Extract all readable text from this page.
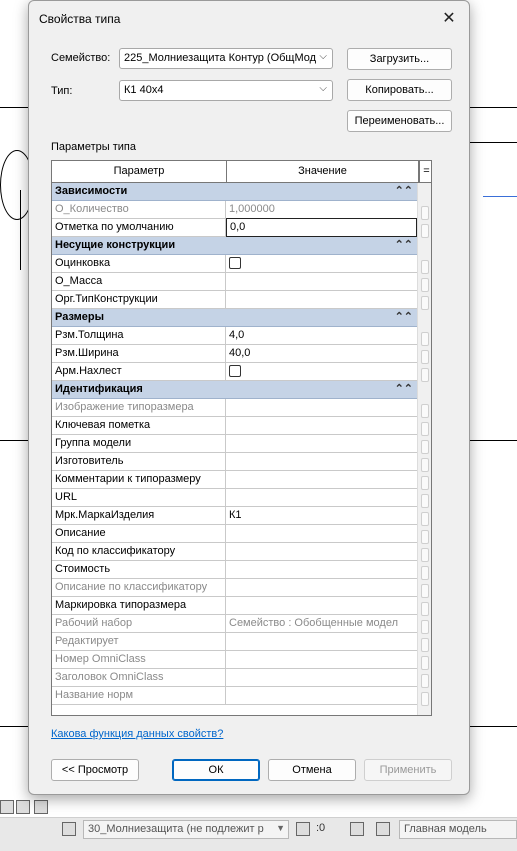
30_Молниезащита (не подлежит р ▼	:0	Главная модель
Свойства типа	✕
Семейство:	225_Молниезащита Контур (ОбщМод ⌵	Загрузить...
Тип:	К1 40х4	⌵	Копировать...
Переименовать...
Параметры типа
Параметр	Значение	=
Зависимости	⌃⌃
О_Количество	1,000000
Отметка по умолчанию	0,0
Несущие конструкции	⌃⌃
Оцинковка
О_Масса
Орг.ТипКонструкции
Размеры	⌃⌃
Рзм.Толщина	4,0
Рзм.Ширина	40,0
Арм.Нахлест
Идентификация	⌃⌃
Изображение типоразмера
Ключевая пометка
Группа модели
Изготовитель
Комментарии к типоразмеру
URL
Мрк.МаркаИзделия	К1
Описание
Код по классификатору
Стоимость
Описание по классификатору
Маркировка типоразмера
Рабочий набор	Семейство : Обобщенные модел
Редактирует
Номер OmniClass
Заголовок OmniClass
Название норм
Какова функция данных свойств?
<< Просмотр	ОК	Отмена	Применить
